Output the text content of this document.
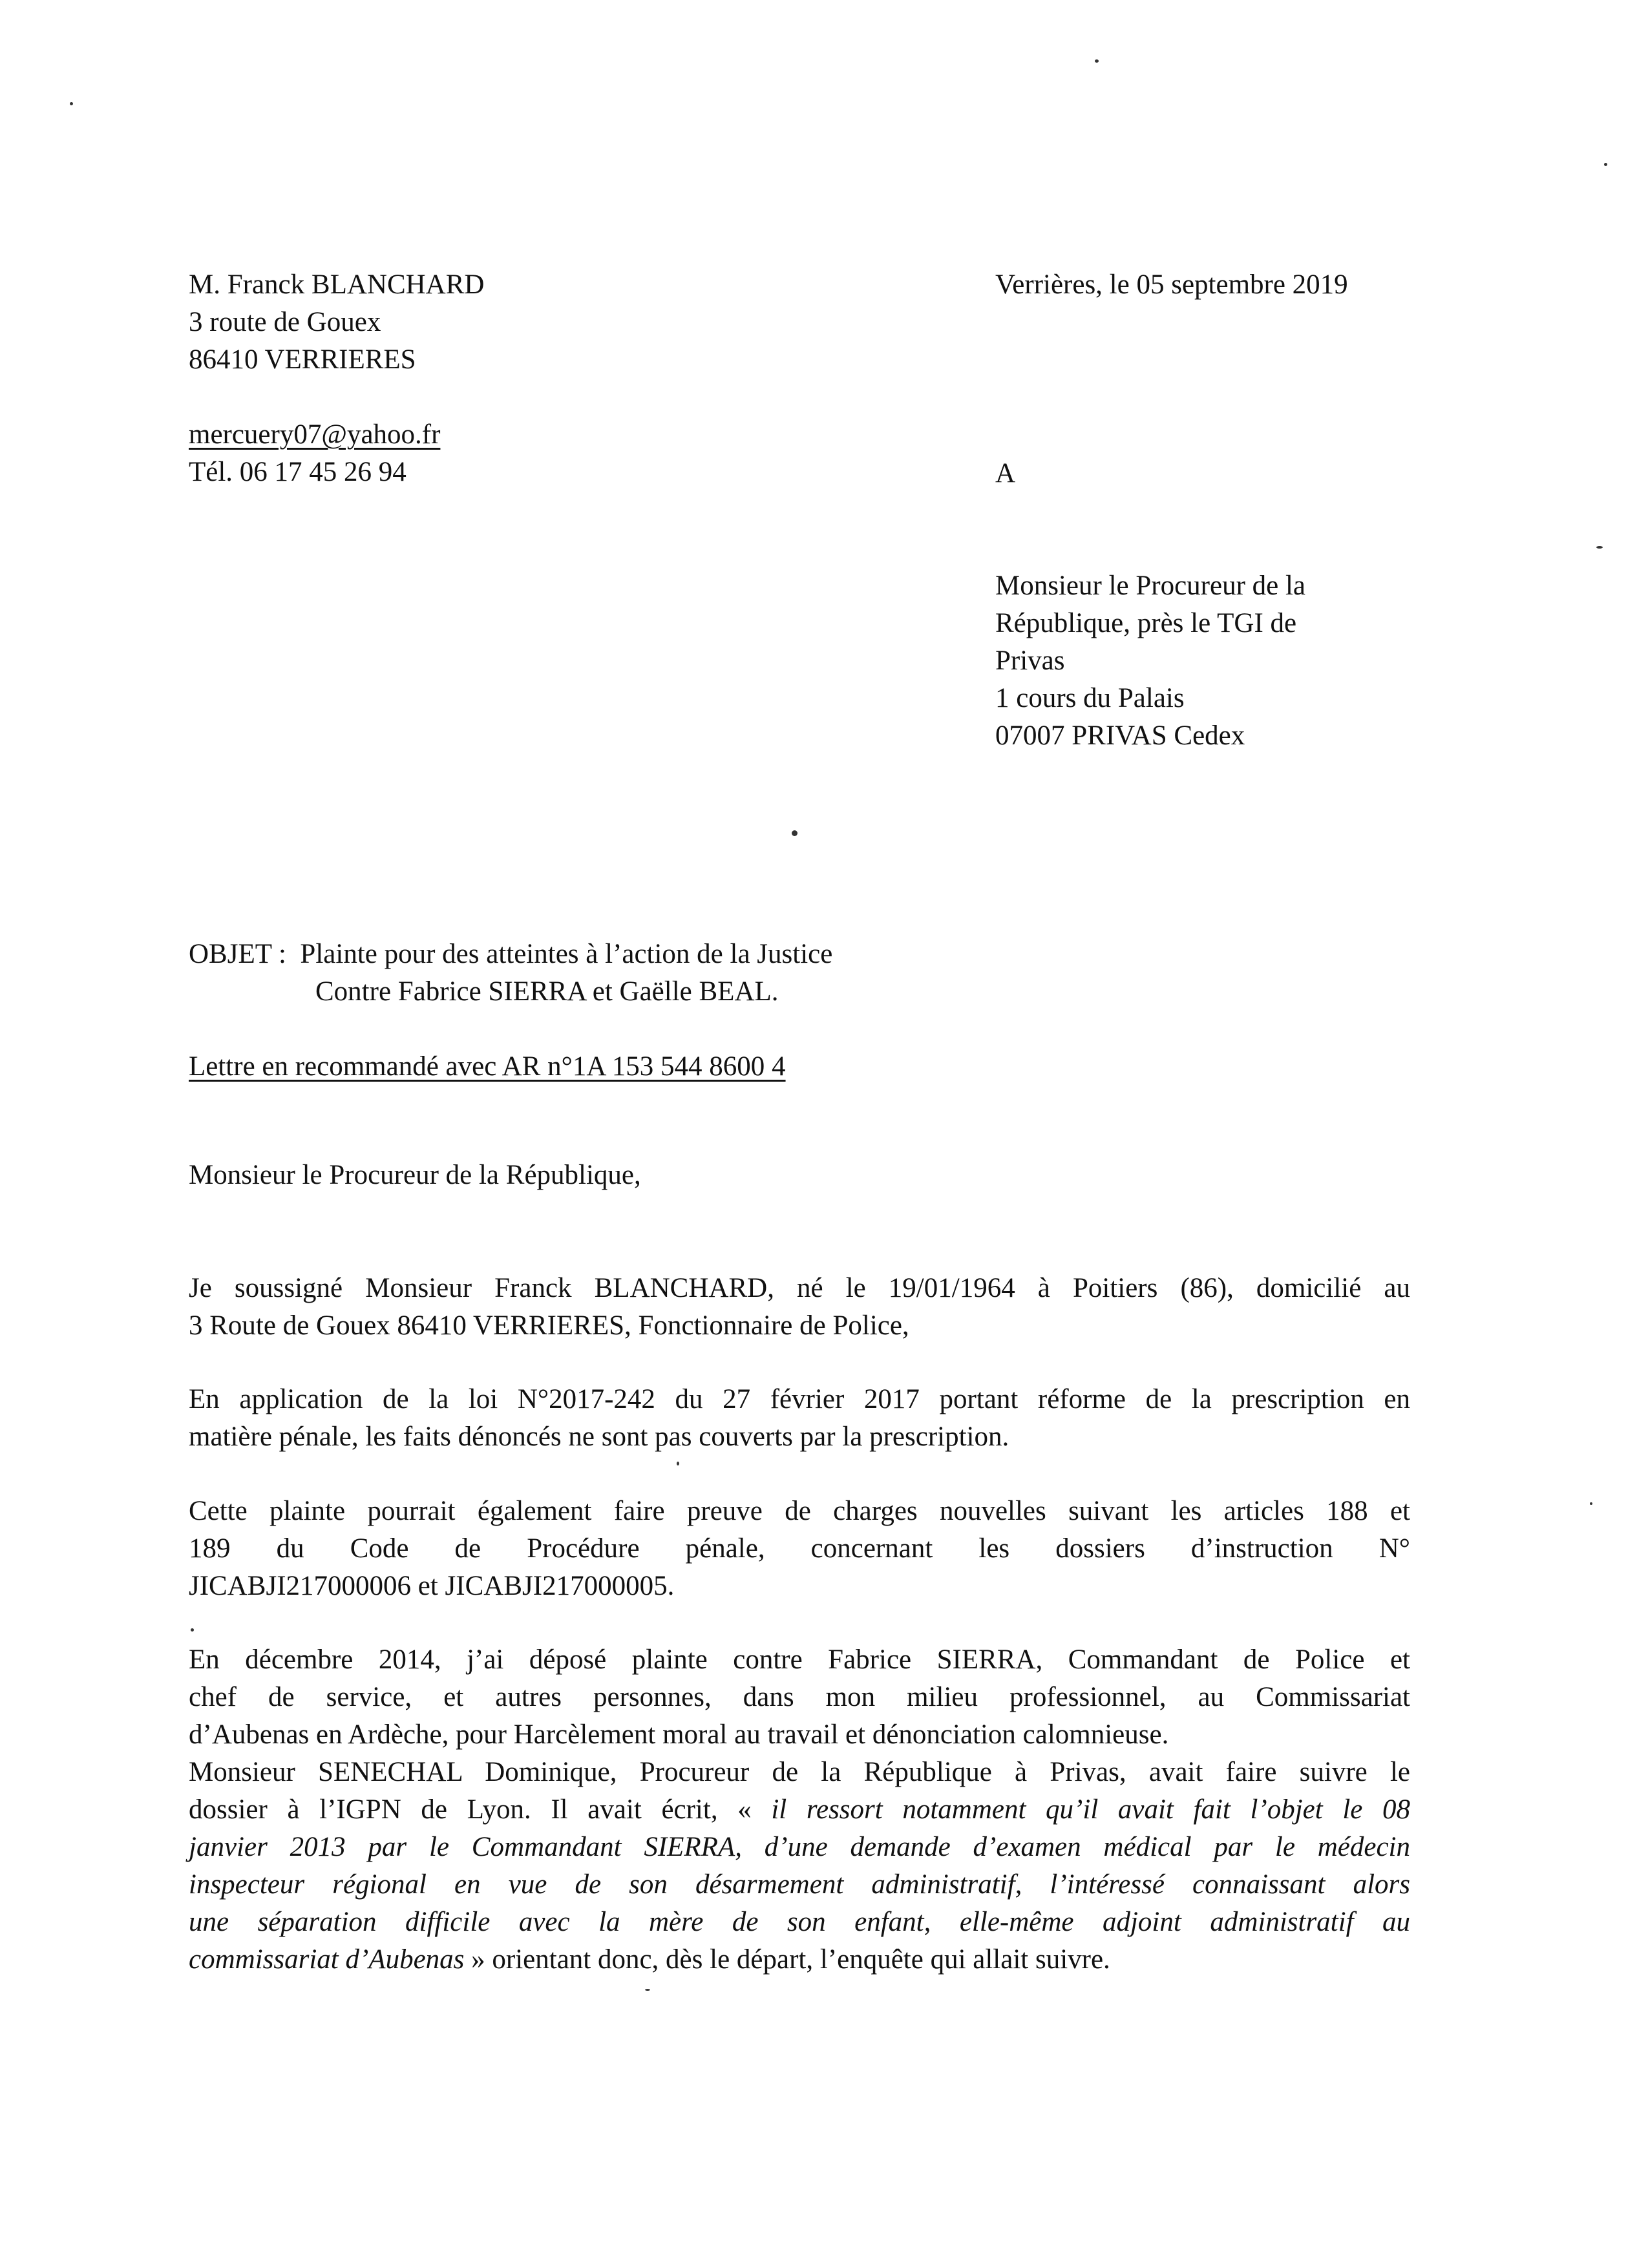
M. Franck BLANCHARD
3 route de Gouex
86410 VERRIERES
mercuery07@yahoo.fr
Tél. 06 17 45 26 94
Verrières, le 05 septembre 2019
A
Monsieur le Procureur de la
République, près le TGI de
Privas
1 cours du Palais
07007 PRIVAS Cedex
OBJET : Plainte pour des atteintes à l’action de la Justice
Contre Fabrice SIERRA et Gaëlle BEAL.
Lettre en recommandé avec AR n°1A 153 544 8600 4
Monsieur le Procureur de la République,
Je soussigné Monsieur Franck BLANCHARD, né le 19/01/1964 à Poitiers (86), domicilié au
3 Route de Gouex 86410 VERRIERES, Fonctionnaire de Police,
En application de la loi N°2017-242 du 27 février 2017 portant réforme de la prescription en
matière pénale, les faits dénoncés ne sont pas couverts par la prescription.
Cette plainte pourrait également faire preuve de charges nouvelles suivant les articles 188 et
189 du Code de Procédure pénale, concernant les dossiers d’instruction N°
JICABJI217000006 et JICABJI217000005.
En décembre 2014, j’ai déposé plainte contre Fabrice SIERRA, Commandant de Police et
chef de service, et autres personnes, dans mon milieu professionnel, au Commissariat
d’Aubenas en Ardèche, pour Harcèlement moral au travail et dénonciation calomnieuse.
Monsieur SENECHAL Dominique, Procureur de la République à Privas, avait faire suivre le
dossier à l’IGPN de Lyon. Il avait écrit, « il ressort notamment qu’il avait fait l’objet le 08
janvier 2013 par le Commandant SIERRA, d’une demande d’examen médical par le médecin
inspecteur régional en vue de son désarmement administratif, l’intéressé connaissant alors
une séparation difficile avec la mère de son enfant, elle-même adjoint administratif au
commissariat d’Aubenas » orientant donc, dès le départ, l’enquête qui allait suivre.
